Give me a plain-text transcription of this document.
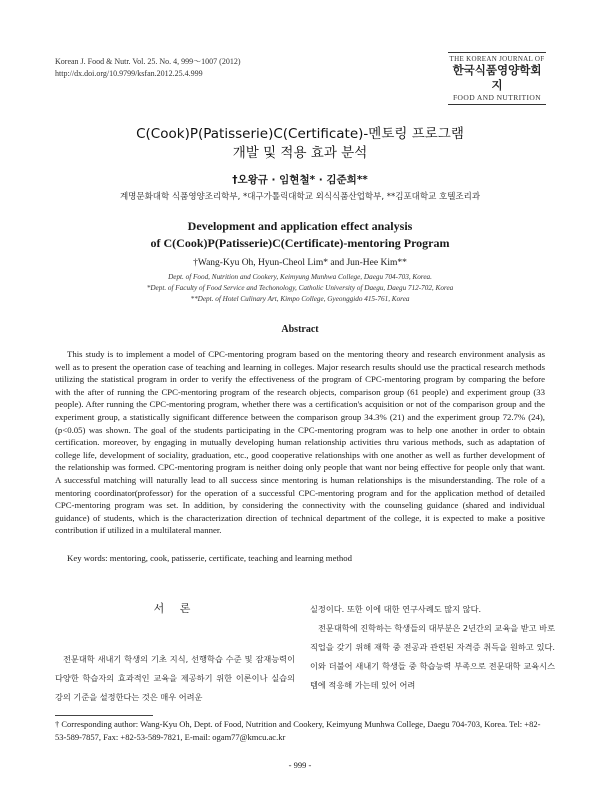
Korean J. Food & Nutr. Vol. 25. No. 4, 999～1007 (2012)
http://dx.doi.org/10.9799/ksfan.2012.25.4.999
THE KOREAN JOURNAL OF
한국식품영양학회지
FOOD AND NUTRITION
C(Cook)P(Patisserie)C(Certificate)-멘토링 프로그램
개발 및 적용 효과 분석
†오왕규 · 임현철* · 김준희**
계명문화대학 식품영양조리학부, *대구가톨릭대학교 외식식품산업학부, **김포대학교 호텔조리과
Development and application effect analysis
of C(Cook)P(Patisserie)C(Certificate)-mentoring Program
†Wang-Kyu Oh, Hyun-Cheol Lim* and Jun-Hee Kim**
Dept. of Food, Nutrition and Cookery, Keimyung Munhwa College, Daegu 704-703, Korea.
*Dept. of Faculty of Food Service and Techonology, Catholic University of Daegu, Daegu 712-702, Korea
**Dept. of Hotel Culinary Art, Kimpo College, Gyeonggido 415-761, Korea
Abstract
This study is to implement a model of CPC-mentoring program based on the mentoring theory and research environment analysis as well as to present the operation case of teaching and learning in colleges. Major research results should use the practical research methods utilizing the statistical program in order to verify the effectiveness of the program of CPC-mentoring program by comparing the before with the after of running the CPC-mentoring program of the research objects, comparison group (61 people) and experiment group (33 people). After running the CPC-mentoring program, whether there was a certification's acquisition or not of the comparison group and the experiment group, a statistically significant difference between the comparison group 34.3% (21) and the experiment group 72.7% (24), (p<0.05) was shown. The goal of the students participating in the CPC-mentoring program was to help one another in order to obtain certification. moreover, by engaging in mutually developing human relationship activities thru various methods, such as adaptation of college life, development of sociality, graduation, etc., good cooperative relationships with one another as well as further development of the relationship was formed. CPC-mentoring program is neither doing only people that want nor being effective for people only that want. A successful matching will naturally lead to all success since mentoring is human relationships is the misunderstanding. The role of a mentoring coordinator(professor) for the operation of a successful CPC-mentoring program and for the application method of detailed CPC-mentoring program was set. In addition, by considering the connectivity with the counseling guidance (shared and individual guidance) of students, which is the characterization direction of technical department of the college, it is expected to make a positive contribution if utilized in a multilateral manner.
Key words: mentoring, cook, patisserie, certificate, teaching and learning method
서 론

전문대학 새내기 학생의 기초 지식, 선행학습 수준 및 잠재능력이 다양한 학습자의 효과적인 교육을 제공하기 위한 이론이나 실습의 강의 기준을 설정한다는 것은 매우 어려운

실정이다. 또한 이에 대한 연구사례도 많지 않다.

전문대학에 진학하는 학생들의 대부분은 2년간의 교육을 받고 바로 직업을 갖기 위해 재학 중 전공과 관련된 자격증 취득을 원하고 있다. 이와 더불어 새내기 학생들 중 학습능력 부족으로 전문대학 교육시스템에 적응해 가는데 있어 어려

† Corresponding author: Wang-Kyu Oh, Dept. of Food, Nutrition and Cookery, Keimyung Munhwa College, Daegu 704-703, Korea. Tel: +82-53-589-7857, Fax: +82-53-589-7821, E-mail: ogam77@kmcu.ac.kr
- 999 -
